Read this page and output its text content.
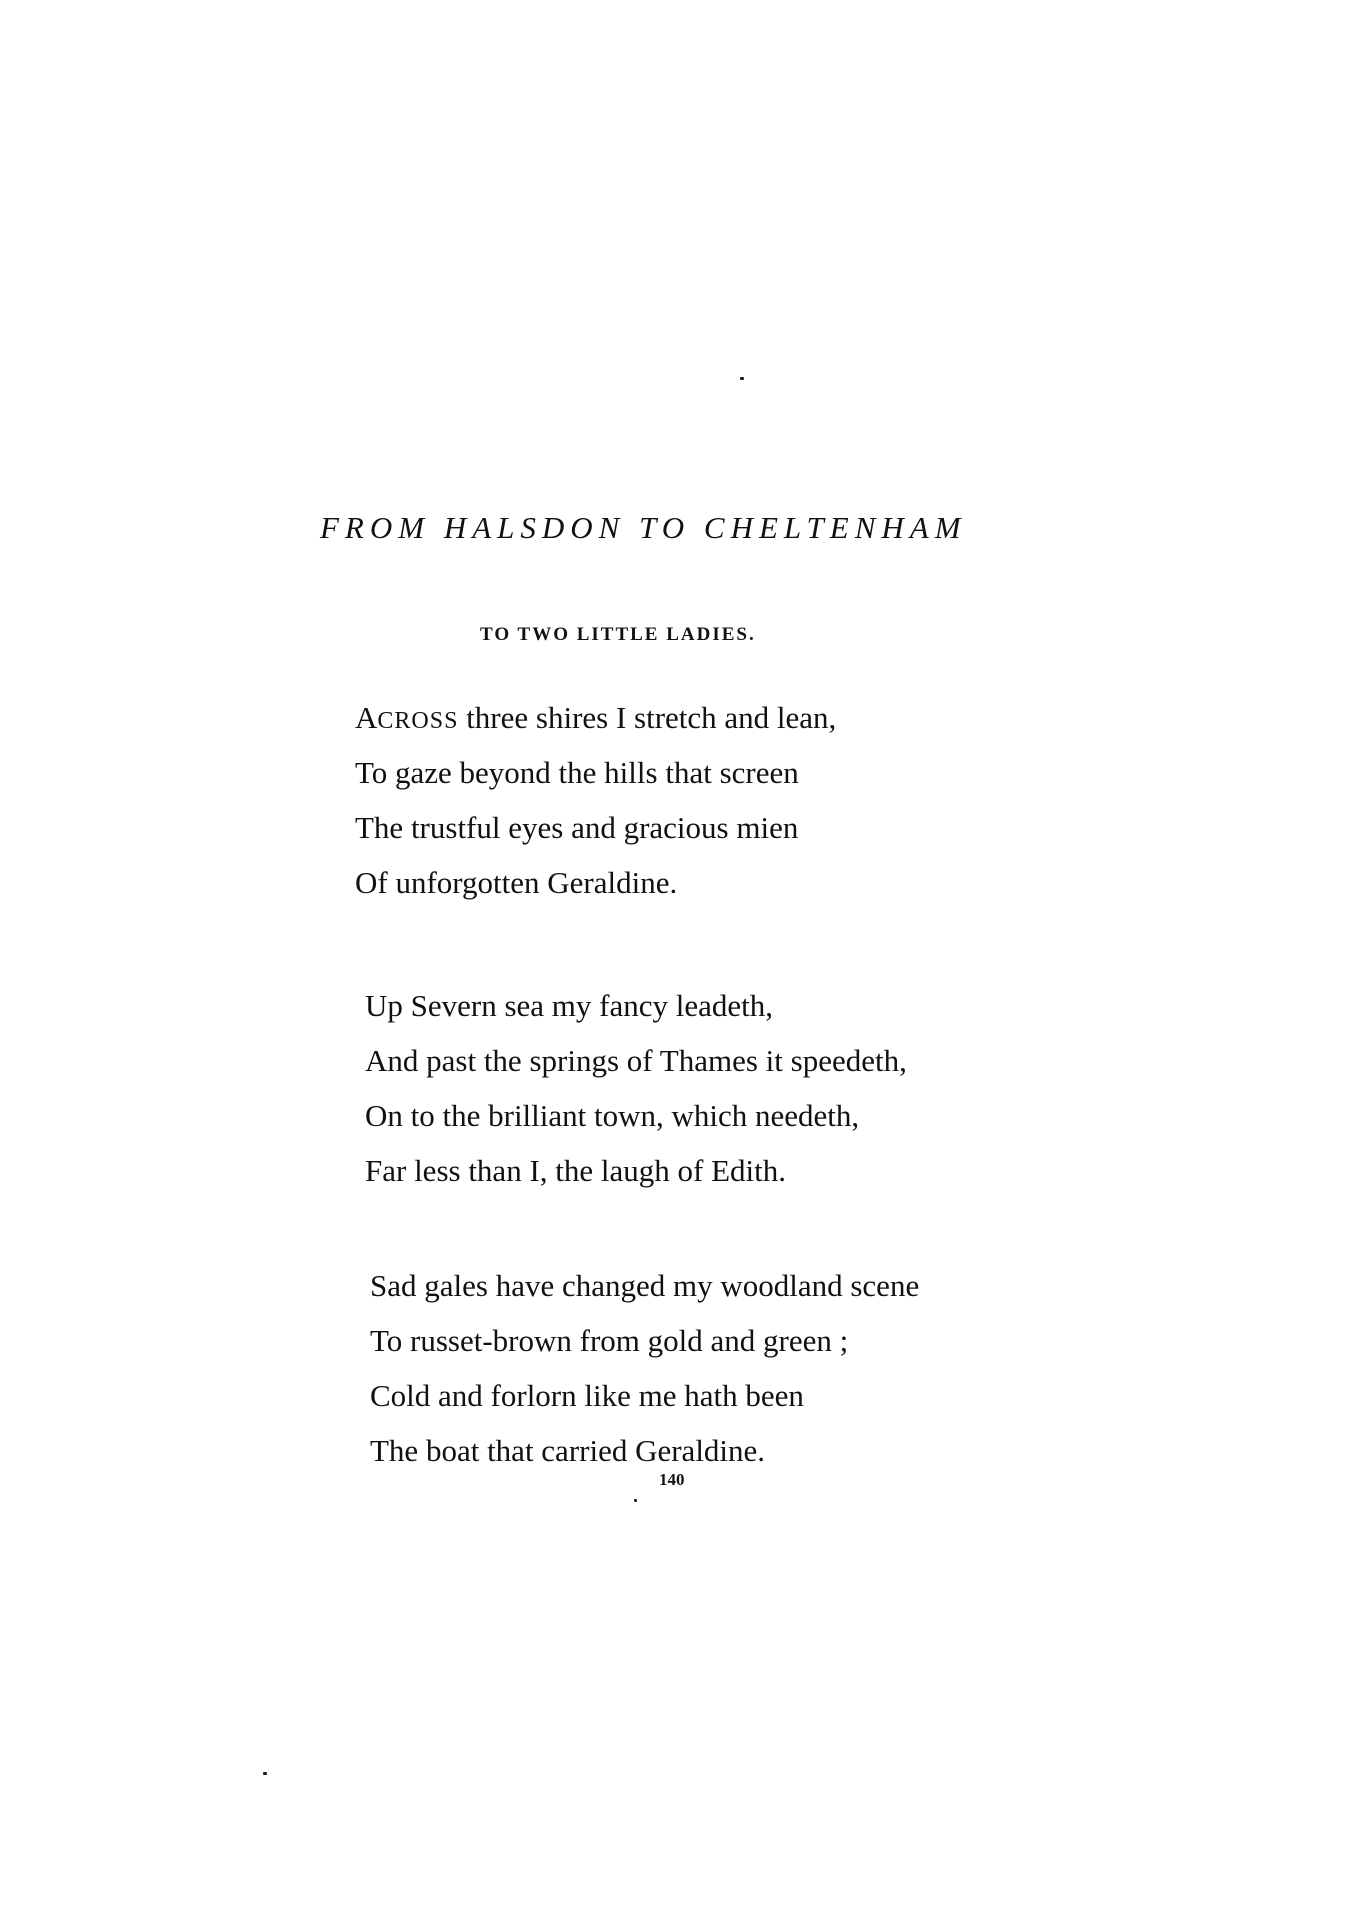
FROM HALSDON TO CHELTENHAM
TO TWO LITTLE LADIES.
ACROSS three shires I stretch and lean,
To gaze beyond the hills that screen
The trustful eyes and gracious mien
Of unforgotten Geraldine.
Up Severn sea my fancy leadeth,
And past the springs of Thames it speedeth,
On to the brilliant town, which needeth,
Far less than I, the laugh of Edith.
Sad gales have changed my woodland scene
To russet-brown from gold and green ;
Cold and forlorn like me hath been
The boat that carried Geraldine.

140
